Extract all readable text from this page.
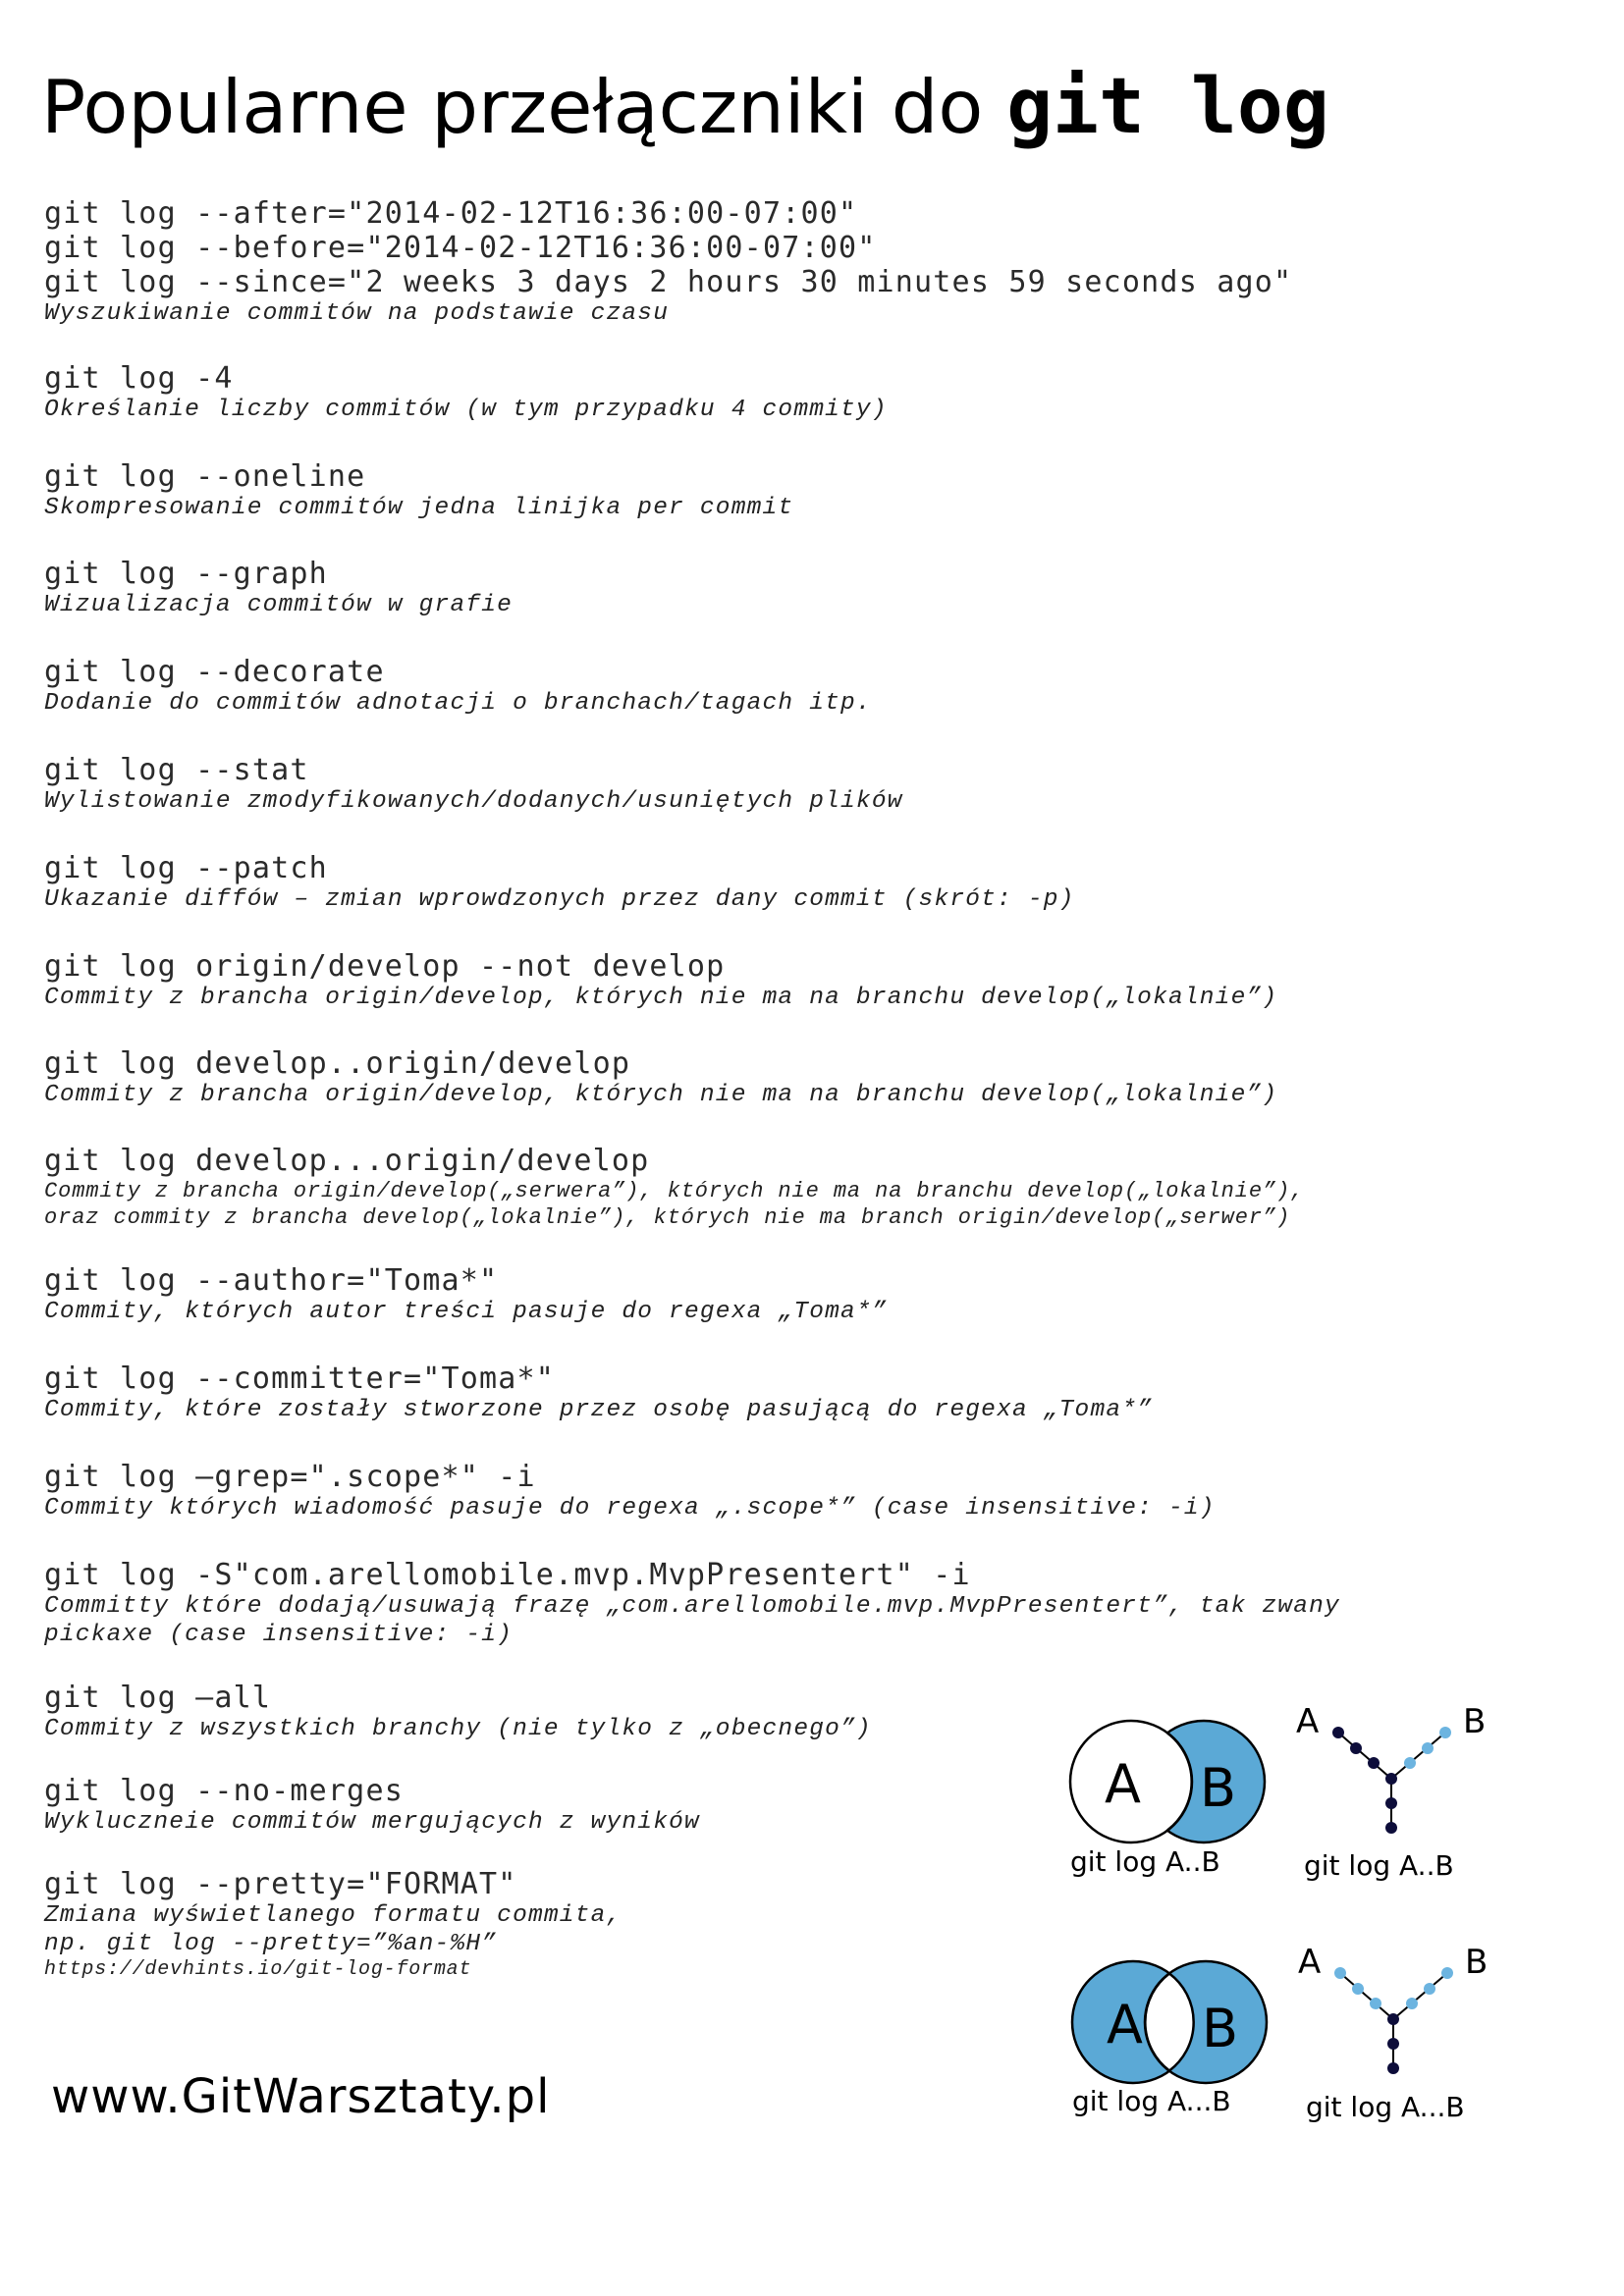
Popularne przełączniki do git log
git log --after="2014-02-12T16:36:00-07:00"
git log --before="2014-02-12T16:36:00-07:00"
git log --since="2 weeks 3 days 2 hours 30 minutes 59 seconds ago"
Wyszukiwanie commitów na podstawie czasu
git log -4
Określanie liczby commitów (w tym przypadku 4 commity)
git log --oneline
Skompresowanie commitów jedna linijka per commit
git log --graph
Wizualizacja commitów w grafie
git log --decorate
Dodanie do commitów adnotacji o branchach/tagach itp.
git log --stat
Wylistowanie zmodyfikowanych/dodanych/usuniętych plików
git log --patch
Ukazanie diffów – zmian wprowdzonych przez dany commit (skrót: -p)
git log origin/develop --not develop
Commity z brancha origin/develop, których nie ma na branchu develop(„lokalnie”)
git log develop..origin/develop
Commity z brancha origin/develop, których nie ma na branchu develop(„lokalnie”)
git log develop...origin/develop
Commity z brancha origin/develop(„serwera”), których nie ma na branchu develop(„lokalnie”),
oraz commity z brancha develop(„lokalnie”), których nie ma branch origin/develop(„serwer”)
git log --author="Toma*"
Commity, których autor treści pasuje do regexa „Toma*”
git log --committer="Toma*"
Commity, które zostały stworzone przez osobę pasującą do regexa „Toma*”
git log –grep=".scope*" -i
Commity których wiadomość pasuje do regexa „.scope*” (case insensitive: -i)
git log -S"com.arellomobile.mvp.MvpPresentert" -i
Committy które dodają/usuwają frazę „com.arellomobile.mvp.MvpPresentert”, tak zwany
pickaxe (case insensitive: -i)
git log –all
Commity z wszystkich branchy (nie tylko z „obecnego”)
git log --no-merges
Wykluczneie commitów mergujących z wyników
git log --pretty="FORMAT"
Zmiana wyświetlanego formatu commita,
np. git log --pretty=”%an-%H”
https://devhints.io/git-log-format
A B
git log A..B
A	B
git log A..B
A B
git log A...B
A	B
git log A...B
www.GitWarsztaty.pl
